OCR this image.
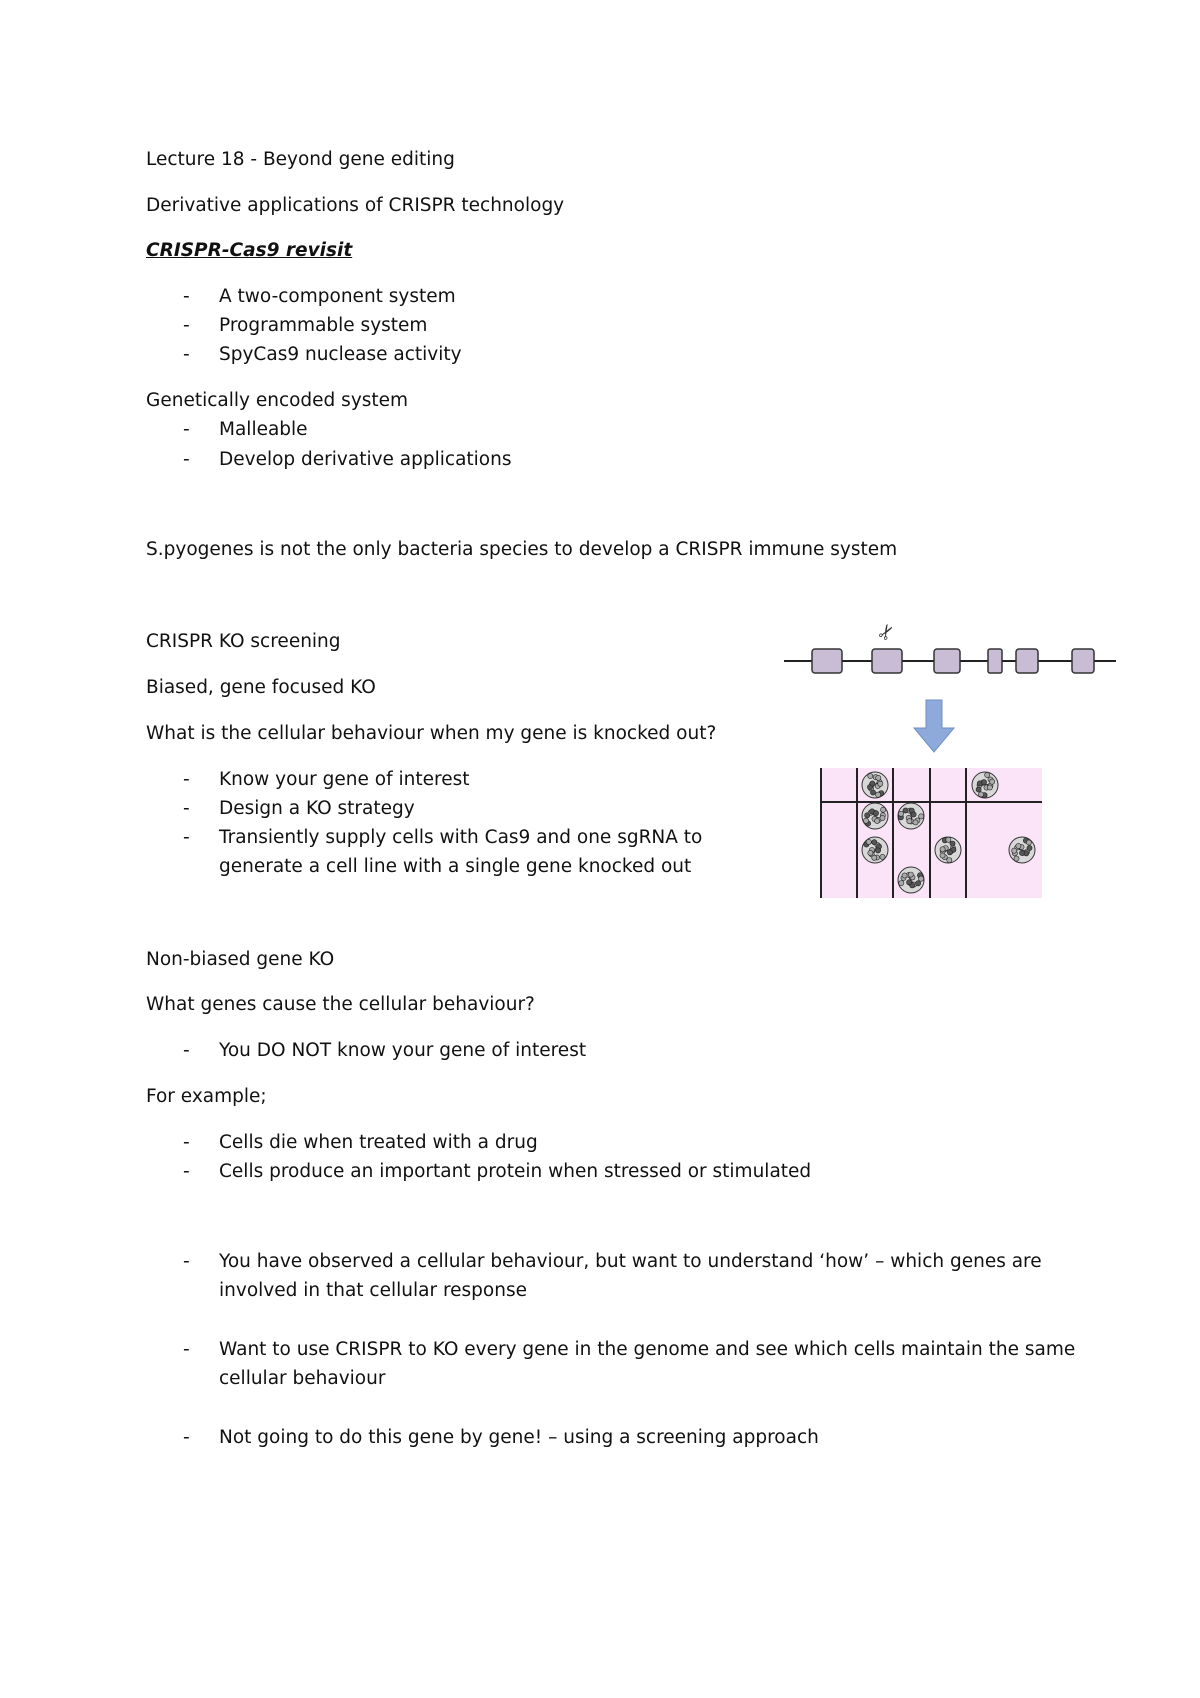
Lecture 18 - Beyond gene editing
Derivative applications of CRISPR technology
CRISPR-Cas9 revisit
- A two-component system
- Programmable system
- SpyCas9 nuclease activity
Genetically encoded system
- Malleable
- Develop derivative applications
S.pyogenes is not the only bacteria species to develop a CRISPR immune system
CRISPR KO screening
Biased, gene focused KO
What is the cellular behaviour when my gene is knocked out?
- Know your gene of interest
- Design a KO strategy
- Transiently supply cells with Cas9 and one sgRNA to
generate a cell line with a single gene knocked out
Non-biased gene KO
What genes cause the cellular behaviour?
- You DO NOT know your gene of interest
For example;
- Cells die when treated with a drug
- Cells produce an important protein when stressed or stimulated
- You have observed a cellular behaviour, but want to understand ‘how’ – which genes are
involved in that cellular response
- Want to use CRISPR to KO every gene in the genome and see which cells maintain the same
cellular behaviour
- Not going to do this gene by gene! – using a screening approach
✂
